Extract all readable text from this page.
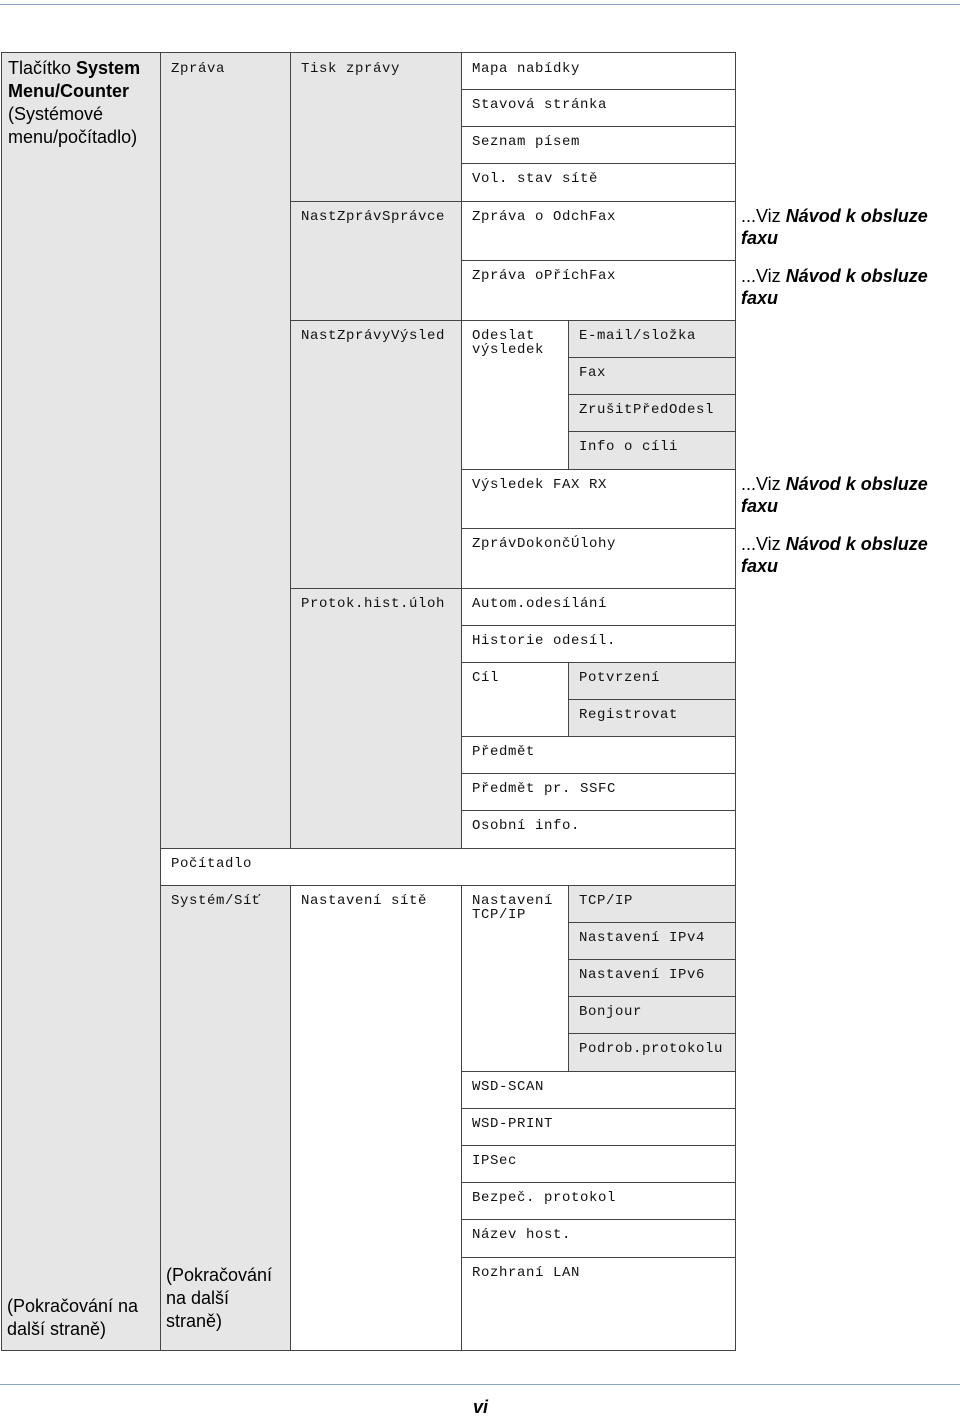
Tlačítko System
Menu/Counter
(Systémové
menu/počítadlo)
(Pokračování na
další straně)
Zpráva
Počítadlo
Systém/Síť
(Pokračování
na další
straně)
Tisk zprávy
NastZprávSprávce
NastZprávyVýsled
Protok.hist.úloh
Nastavení sítě
Mapa nabídky
Stavová stránka
Seznam písem
Vol. stav sítě
Zpráva o OdchFax
Zpráva oPříchFax
Odeslat
výsledek
Výsledek FAX RX
ZprávDokončÚlohy
Autom.odesílání
Historie odesíl.
Cíl
Předmět
Předmět pr. SSFC
Osobní info.
Nastavení
TCP/IP
WSD-SCAN
WSD-PRINT
IPSec
Bezpeč. protokol
Název host.
Rozhraní LAN
E-mail/složka
Fax
ZrušitPředOdesl
Info o cíli
Potvrzení
Registrovat
TCP/IP
Nastavení IPv4
Nastavení IPv6
Bonjour
Podrob.protokolu
...Viz Návod k obsluze
faxu
...Viz Návod k obsluze
faxu
...Viz Návod k obsluze
faxu
...Viz Návod k obsluze
faxu
vi
